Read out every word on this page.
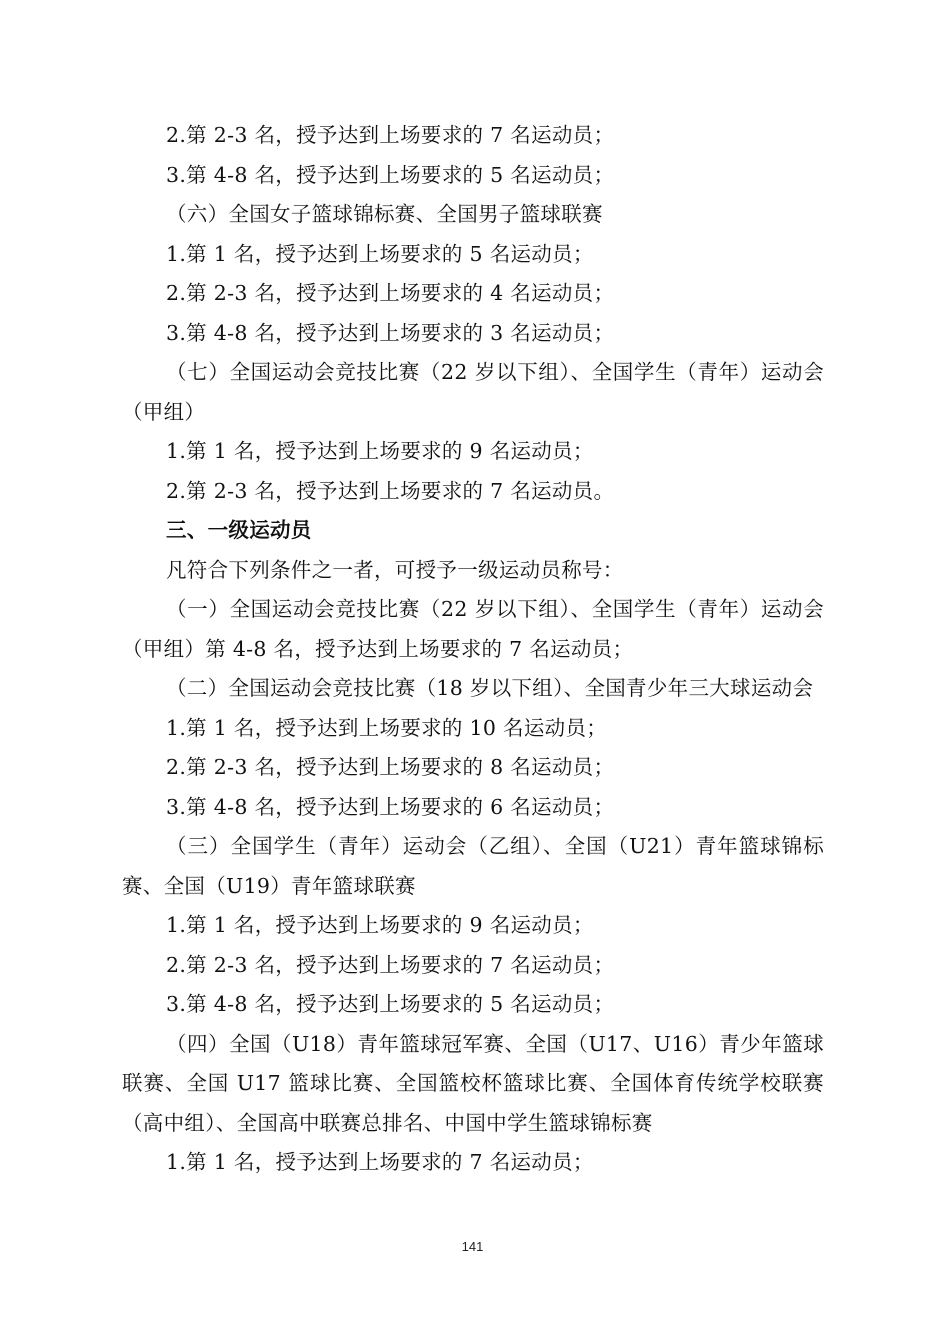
2.第 2-3 名，授予达到上场要求的 7 名运动员；

3.第 4-8 名，授予达到上场要求的 5 名运动员；

（六）全国女子篮球锦标赛、全国男子篮球联赛

1.第 1 名，授予达到上场要求的 5 名运动员；

2.第 2-3 名，授予达到上场要求的 4 名运动员；

3.第 4-8 名，授予达到上场要求的 3 名运动员；

（七）全国运动会竞技比赛（22 岁以下组）、全国学生（青年）运动会（甲组）

1.第 1 名，授予达到上场要求的 9 名运动员；

2.第 2-3 名，授予达到上场要求的 7 名运动员。

三、一级运动员

凡符合下列条件之一者，可授予一级运动员称号：

（一）全国运动会竞技比赛（22 岁以下组）、全国学生（青年）运动会（甲组）第 4-8 名，授予达到上场要求的 7 名运动员；

（二）全国运动会竞技比赛（18 岁以下组）、全国青少年三大球运动会

1.第 1 名，授予达到上场要求的 10 名运动员；

2.第 2-3 名，授予达到上场要求的 8 名运动员；

3.第 4-8 名，授予达到上场要求的 6 名运动员；

（三）全国学生（青年）运动会（乙组）、全国（U21）青年篮球锦标赛、全国（U19）青年篮球联赛

1.第 1 名，授予达到上场要求的 9 名运动员；

2.第 2-3 名，授予达到上场要求的 7 名运动员；

3.第 4-8 名，授予达到上场要求的 5 名运动员；

（四）全国（U18）青年篮球冠军赛、全国（U17、U16）青少年篮球联赛、全国 U17 篮球比赛、全国篮校杯篮球比赛、全国体育传统学校联赛（高中组）、全国高中联赛总排名、中国中学生篮球锦标赛

1.第 1 名，授予达到上场要求的 7 名运动员；

141
